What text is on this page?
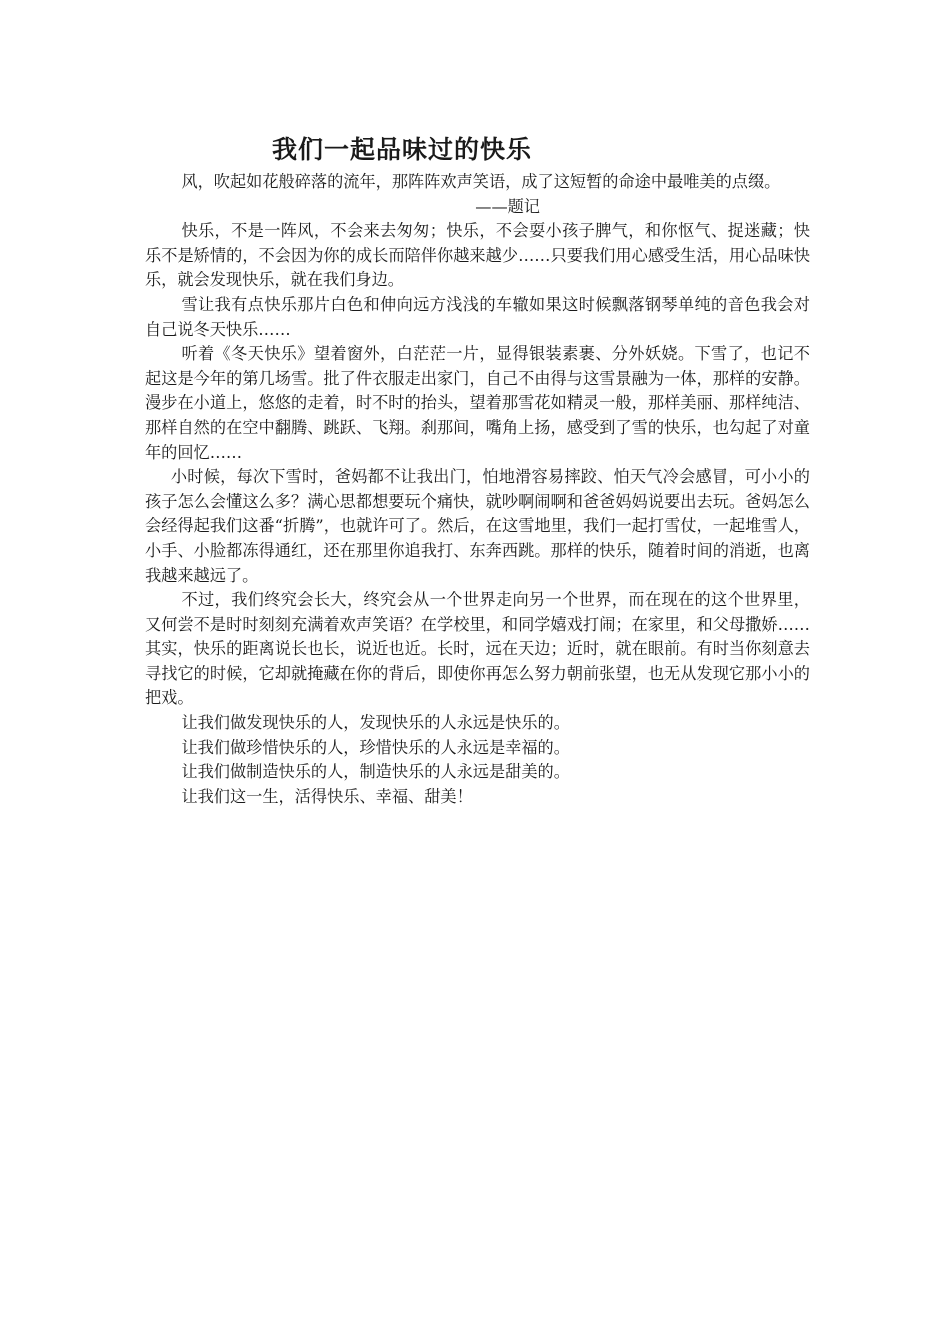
我们一起品味过的快乐

风，吹起如花般碎落的流年，那阵阵欢声笑语，成了这短暂的命途中最唯美的点缀。

——题记

快乐，不是一阵风，不会来去匆匆；快乐，不会耍小孩子脾气，和你怄气、捉迷藏；快乐不是矫情的，不会因为你的成长而陪伴你越来越少……只要我们用心感受生活，用心品味快乐，就会发现快乐，就在我们身边。

雪让我有点快乐那片白色和伸向远方浅浅的车辙如果这时候飘落钢琴单纯的音色我会对自己说冬天快乐……

听着《冬天快乐》望着窗外，白茫茫一片，显得银装素裹、分外妖娆。下雪了，也记不起这是今年的第几场雪。批了件衣服走出家门，自己不由得与这雪景融为一体，那样的安静。漫步在小道上，悠悠的走着，时不时的抬头，望着那雪花如精灵一般，那样美丽、那样纯洁、那样自然的在空中翻腾、跳跃、飞翔。刹那间，嘴角上扬，感受到了雪的快乐，也勾起了对童年的回忆……

小时候，每次下雪时，爸妈都不让我出门，怕地滑容易摔跤、怕天气冷会感冒，可小小的孩子怎么会懂这么多？满心思都想要玩个痛快，就吵啊闹啊和爸爸妈妈说要出去玩。爸妈怎么会经得起我们这番“折腾”，也就许可了。然后，在这雪地里，我们一起打雪仗，一起堆雪人，小手、小脸都冻得通红，还在那里你追我打、东奔西跳。那样的快乐，随着时间的消逝，也离我越来越远了。

不过，我们终究会长大，终究会从一个世界走向另一个世界，而在现在的这个世界里，又何尝不是时时刻刻充满着欢声笑语？在学校里，和同学嬉戏打闹；在家里，和父母撒娇……其实，快乐的距离说长也长，说近也近。长时，远在天边；近时，就在眼前。有时当你刻意去寻找它的时候，它却就掩藏在你的背后，即使你再怎么努力朝前张望，也无从发现它那小小的把戏。

让我们做发现快乐的人，发现快乐的人永远是快乐的。

让我们做珍惜快乐的人，珍惜快乐的人永远是幸福的。

让我们做制造快乐的人，制造快乐的人永远是甜美的。

让我们这一生，活得快乐、幸福、甜美！
